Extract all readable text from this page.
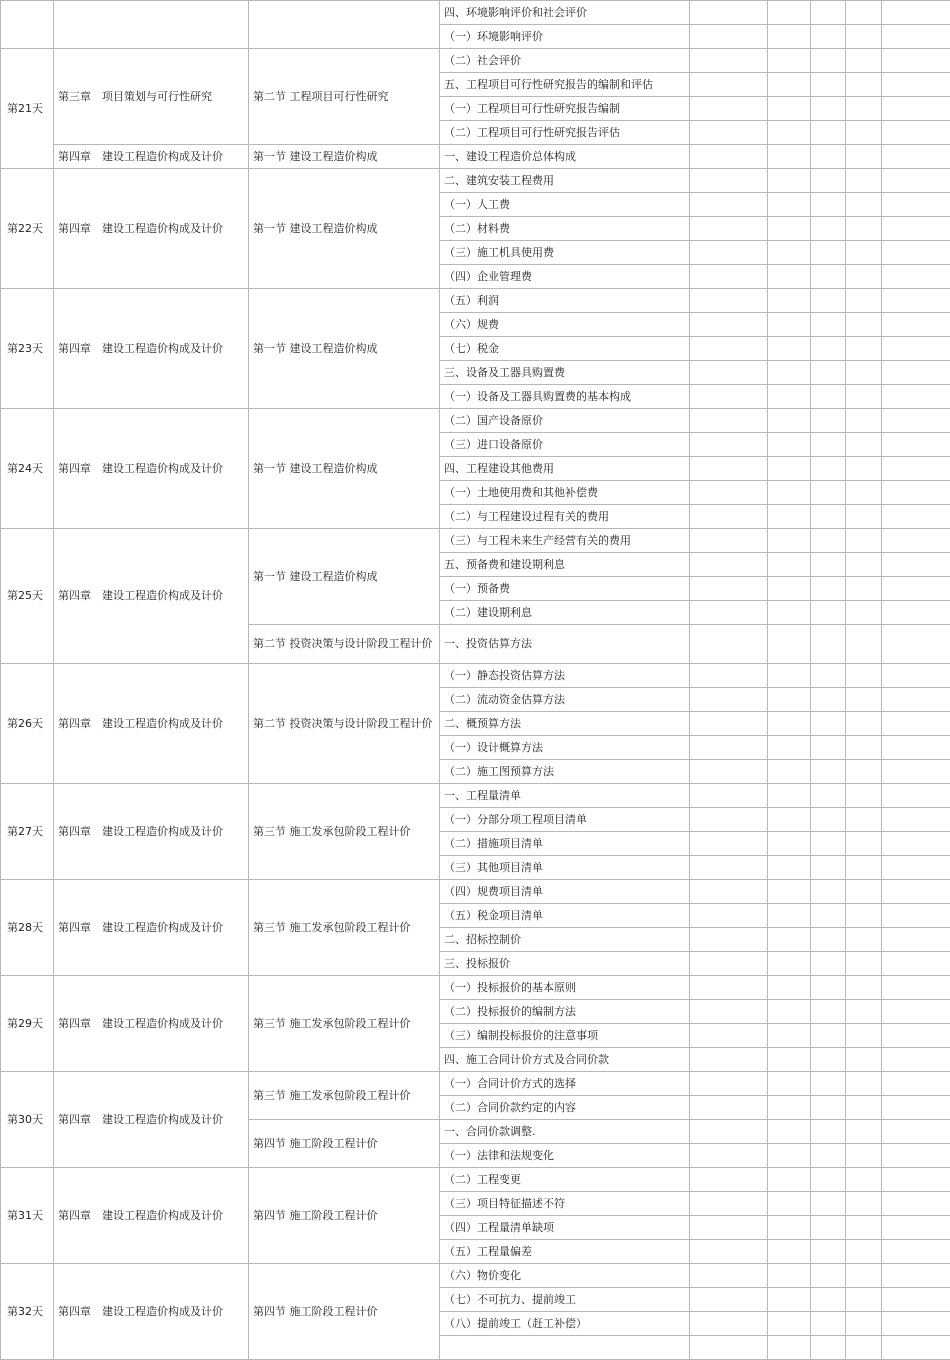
			四、环境影响评价和社会评价					
			（一）环境影响评价					
第21天	第三章　项目策划与可行性研究	第二节 工程项目可行性研究	（二）社会评价					
			五、工程项目可行性研究报告的编制和评估					
			（一）工程项目可行性研究报告编制					
			（二）工程项目可行性研究报告评估					
	第四章　建设工程造价构成及计价	第一节 建设工程造价构成	一、建设工程造价总体构成					
第22天	第四章　建设工程造价构成及计价	第一节 建设工程造价构成	二、建筑安装工程费用					
			（一）人工费					
			（二）材料费					
			（三）施工机具使用费					
			（四）企业管理费					
第23天	第四章　建设工程造价构成及计价	第一节 建设工程造价构成	（五）利润					
			（六）规费					
			（七）税金					
			三、设备及工器具购置费					
			（一）设备及工器具购置费的基本构成					
第24天	第四章　建设工程造价构成及计价	第一节 建设工程造价构成	（二）国产设备原价					
			（三）进口设备原价					
			四、工程建设其他费用					
			（一）土地使用费和其他补偿费					
			（二）与工程建设过程有关的费用					
第25天	第四章　建设工程造价构成及计价	第一节 建设工程造价构成	（三）与工程未来生产经营有关的费用					
			五、预备费和建设期利息					
			（一）预备费					
			（二）建设期利息					
		第二节 投资决策与设计阶段工程计价	一、投资估算方法					
第26天	第四章　建设工程造价构成及计价	第二节 投资决策与设计阶段工程计价	（一）静态投资估算方法					
			（二）流动资金估算方法					
			二、概预算方法					
			（一）设计概算方法					
			（二）施工图预算方法					
第27天	第四章　建设工程造价构成及计价	第三节 施工发承包阶段工程计价	一、工程量清单					
			（一）分部分项工程项目清单					
			（二）措施项目清单					
			（三）其他项目清单					
第28天	第四章　建设工程造价构成及计价	第三节 施工发承包阶段工程计价	（四）规费项目清单					
			（五）税金项目清单					
			二、招标控制价					
			三、投标报价					
第29天	第四章　建设工程造价构成及计价	第三节 施工发承包阶段工程计价	（一）投标报价的基本原则					
			（二）投标报价的编制方法					
			（三）编制投标报价的注意事项					
			四、施工合同计价方式及合同价款					
第30天	第四章　建设工程造价构成及计价	第三节 施工发承包阶段工程计价	（一）合同计价方式的选择					
			（二）合同价款约定的内容					
		第四节 施工阶段工程计价	一、合同价款调整.					
			（一）法律和法规变化					
第31天	第四章　建设工程造价构成及计价	第四节 施工阶段工程计价	（二）工程变更					
			（三）项目特征描述不符					
			（四）工程量清单缺项					
			（五）工程量偏差					
第32天	第四章　建设工程造价构成及计价	第四节 施工阶段工程计价	（六）物价变化					
			（七）不可抗力、提前竣工					
			（八）提前竣工（赶工补偿）					
